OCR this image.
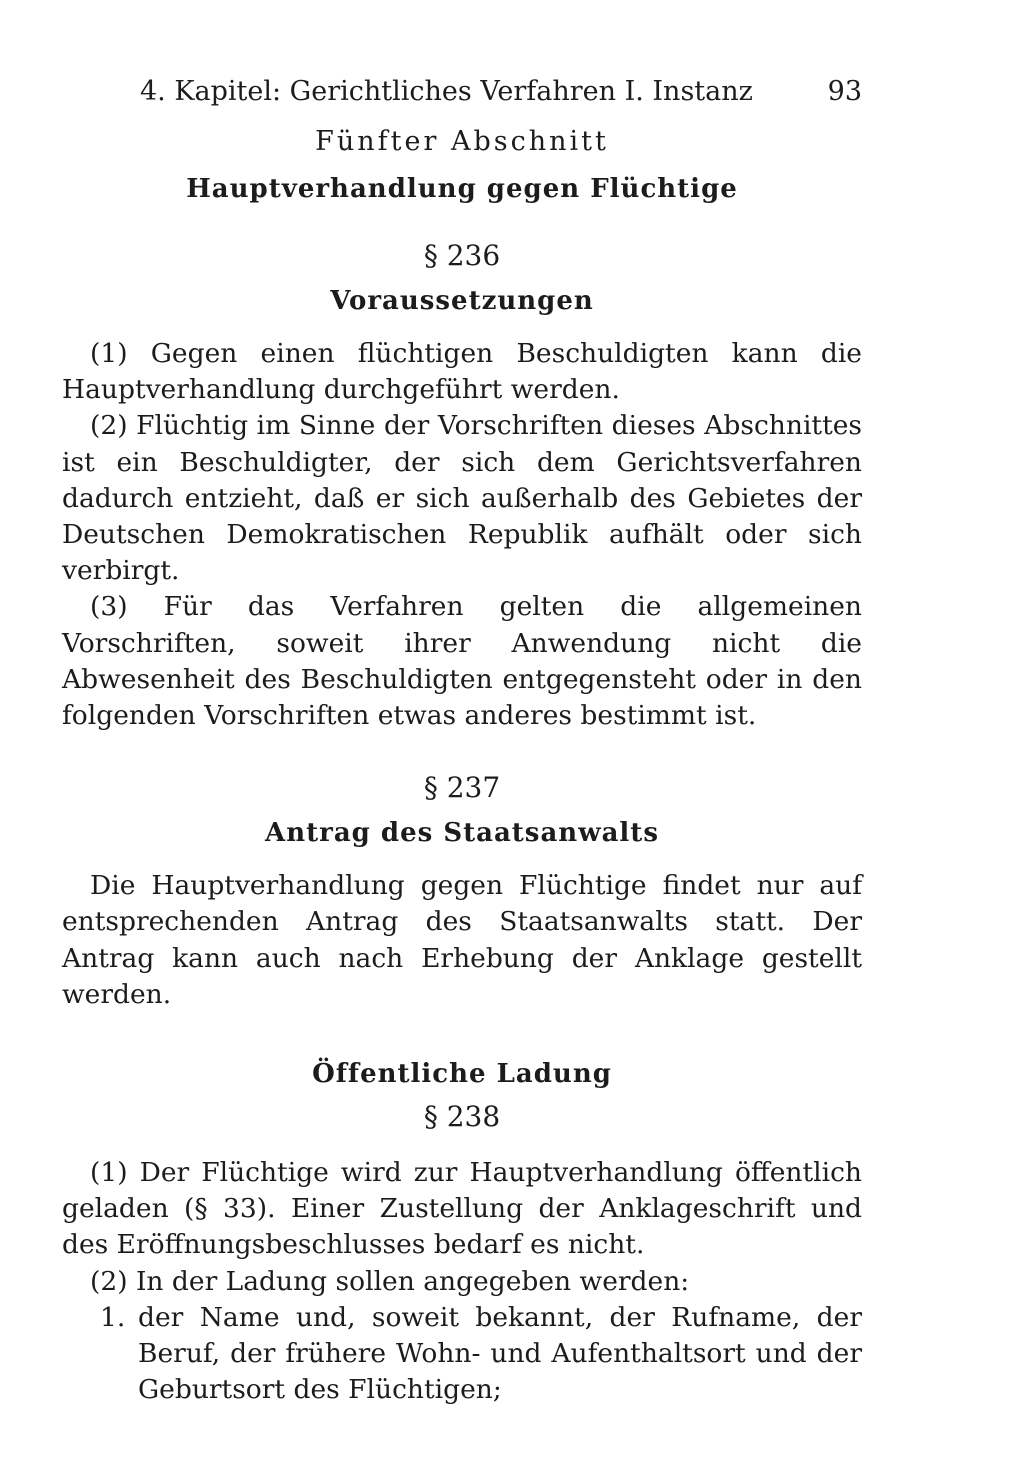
4. Kapitel: Gerichtliches Verfahren I. Instanz	93
Fünfter Abschnitt
Hauptverhandlung gegen Flüchtige
§ 236
Voraussetzungen

(1) Gegen einen flüchtigen Beschuldigten kann die Hauptverhandlung durchgeführt werden.

(2) Flüchtig im Sinne der Vorschriften dieses Abschnittes ist ein Beschuldigter, der sich dem Gerichtsverfahren dadurch entzieht, daß er sich außerhalb des Gebietes der Deutschen Demokratischen Republik aufhält oder sich verbirgt.

(3) Für das Verfahren gelten die allgemeinen Vorschriften, soweit ihrer Anwendung nicht die Abwesenheit des Beschuldigten entgegensteht oder in den folgenden Vorschriften etwas anderes bestimmt ist.

§ 237
Antrag des Staatsanwalts

Die Hauptverhandlung gegen Flüchtige findet nur auf entsprechenden Antrag des Staatsanwalts statt. Der Antrag kann auch nach Erhebung der Anklage gestellt werden.

Öffentliche Ladung
§ 238

(1) Der Flüchtige wird zur Hauptverhandlung öffentlich geladen (§ 33). Einer Zustellung der Anklageschrift und des Eröffnungsbeschlusses bedarf es nicht.

(2) In der Ladung sollen angegeben werden:

1. der Name und, soweit bekannt, der Rufname, der Beruf, der frühere Wohn- und Aufenthaltsort und der Geburtsort des Flüchtigen;
